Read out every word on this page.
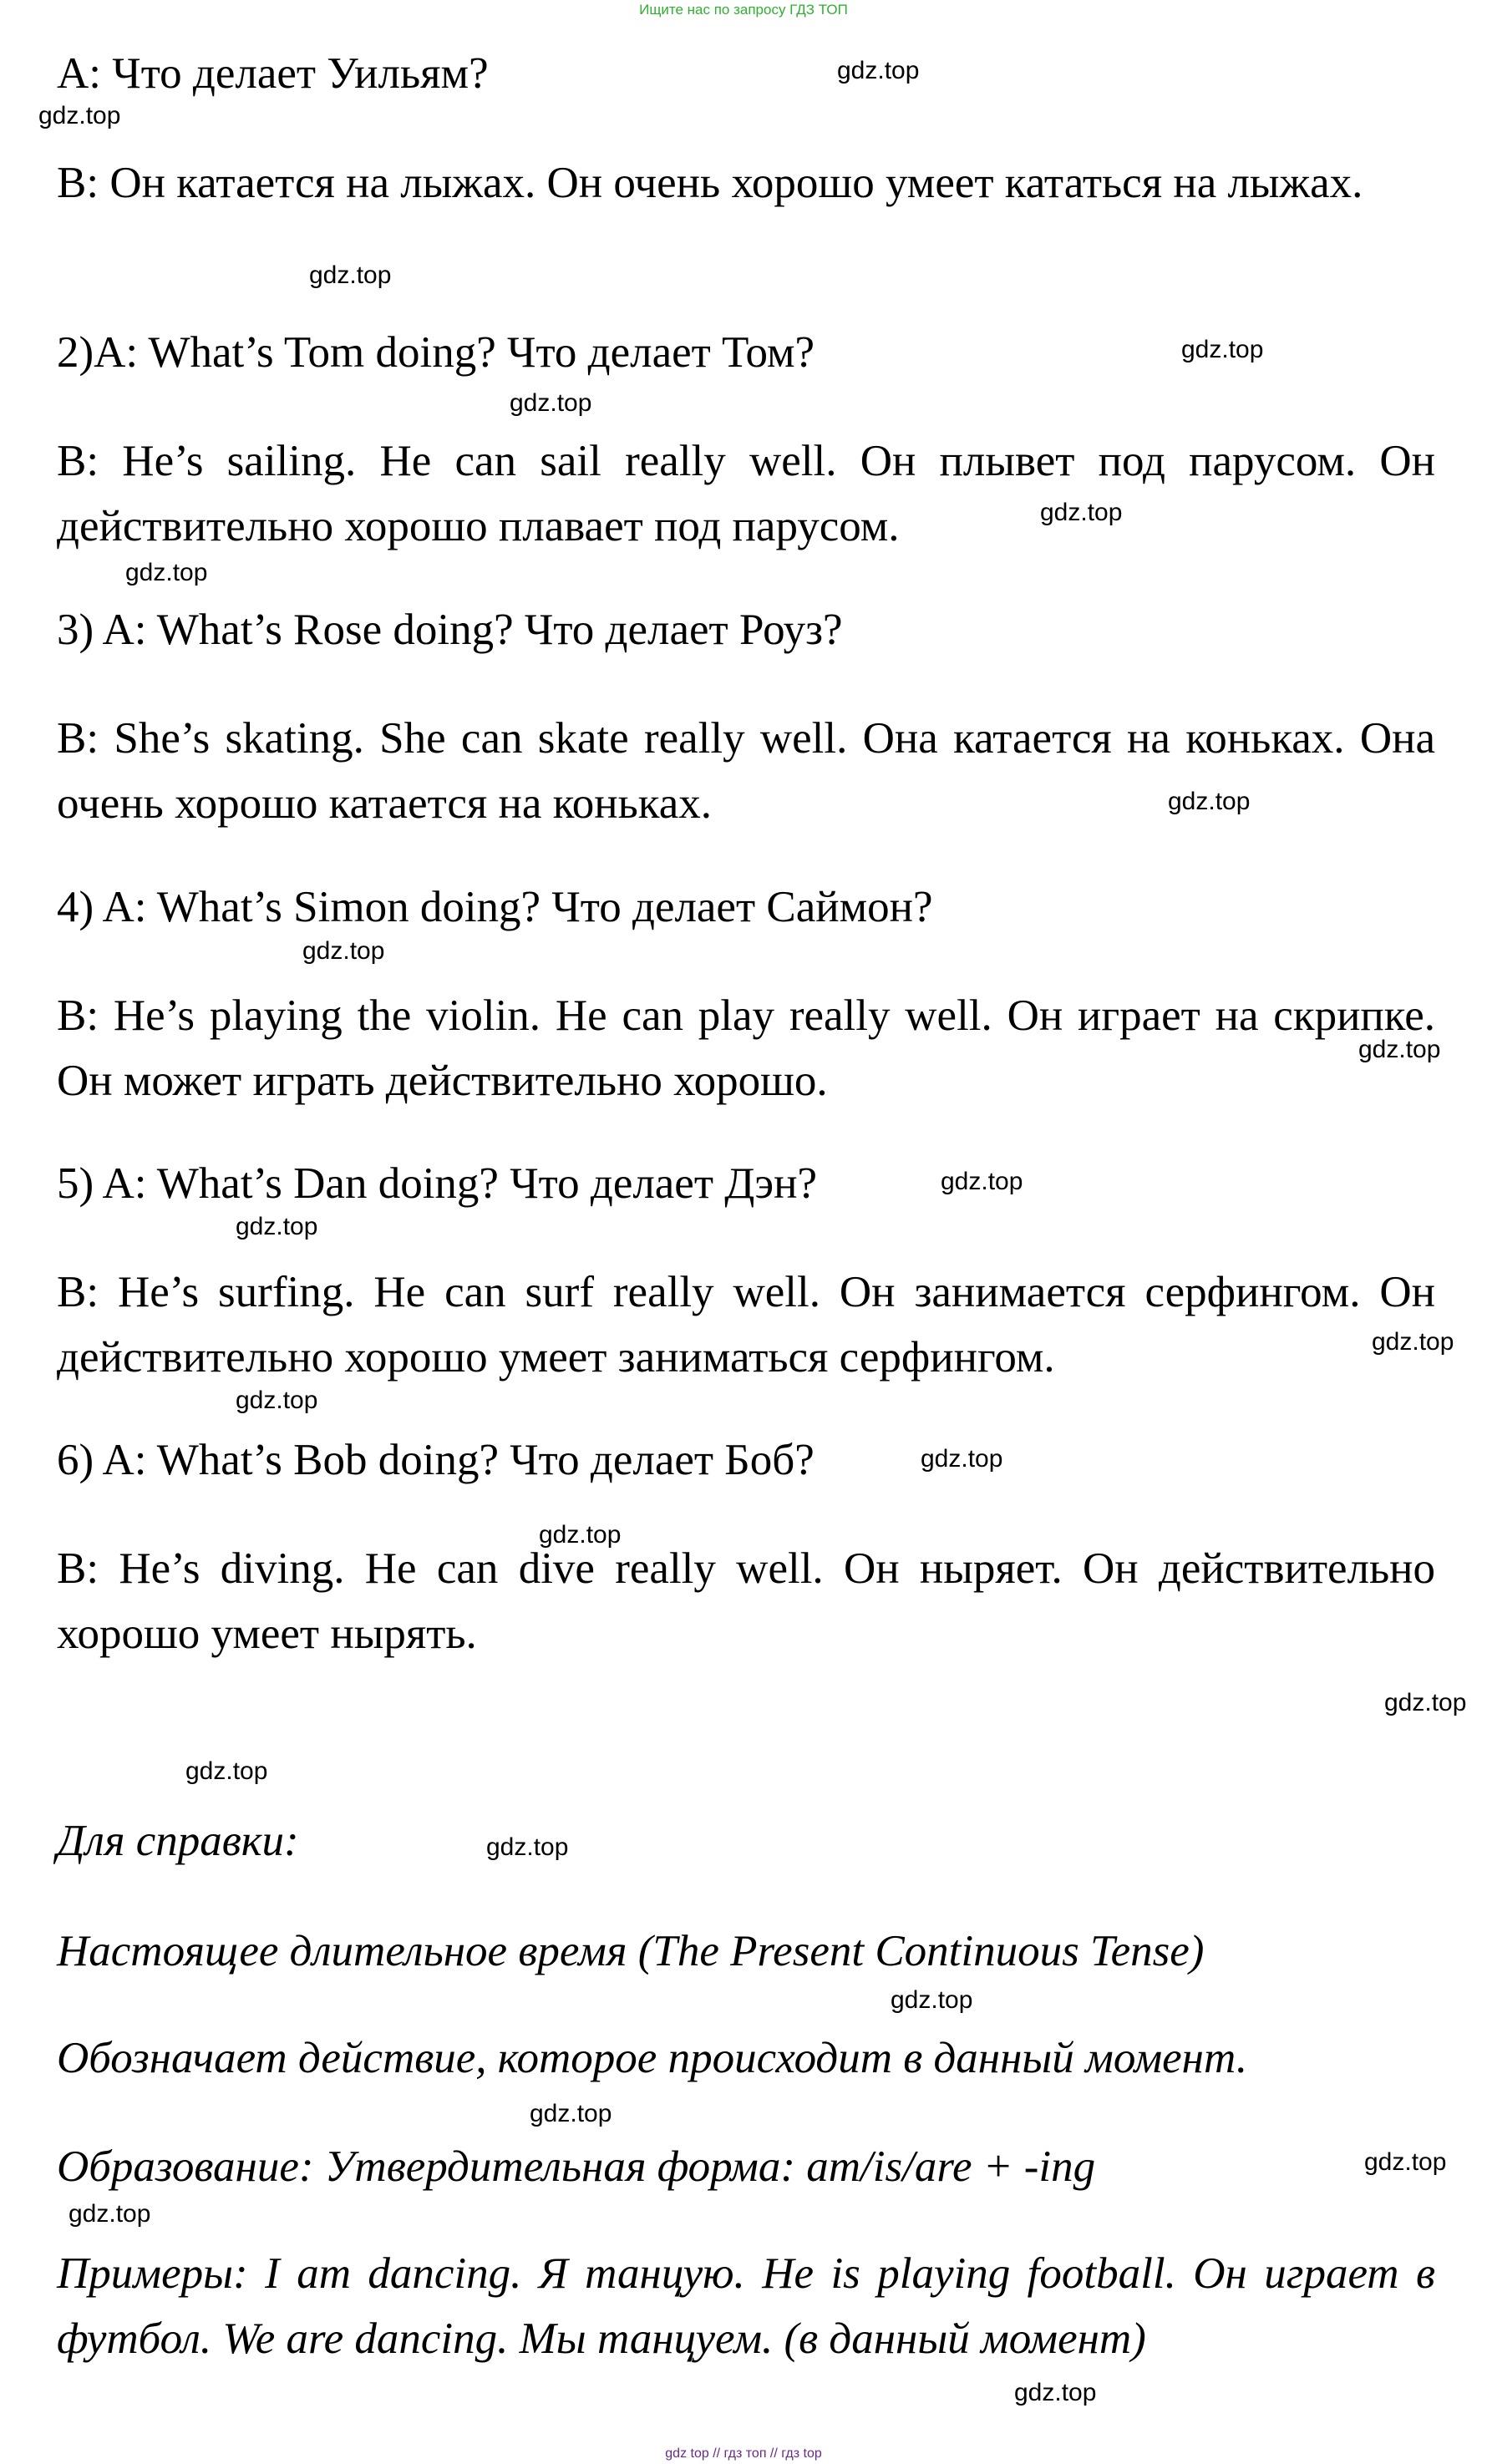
Ищите нас по запросу ГДЗ ТОП

A: Что делает Уильям?

B: Он катается на лыжах. Он очень хорошо умеет кататься на лыжах.

2)A: What’s Tom doing? Что делает Том?

B: He’s sailing. He can sail really well. Он плывет под парусом. Он действительно хорошо плавает под парусом.

3) A: What’s Rose doing? Что делает Роуз?

B: She’s skating. She can skate really well. Она катается на коньках. Она очень хорошо катается на коньках.

4) A: What’s Simon doing? Что делает Саймон?

B: He’s playing the violin. He can play really well. Он играет на скрипке. Он может играть действительно хорошо.

5) A: What’s Dan doing? Что делает Дэн?

B: He’s surfing. He can surf really well. Он занимается серфингом. Он действительно хорошо умеет заниматься серфингом.

6) A: What’s Bob doing? Что делает Боб?

B: He’s diving. He can dive really well. Он ныряет. Он действительно хорошо умеет нырять.

Для справки:

Настоящее длительное время (The Present Continuous Tense)

Обозначает действие, которое происходит в данный момент.

Образование: Утвердительная форма: am/is/are + -ing

Примеры: I am dancing. Я танцую. He is playing football. Он играет в футбол. We are dancing. Мы танцуем. (в данный момент)

gdz.top
gdz.top
gdz.top
gdz.top
gdz.top
gdz.top
gdz.top
gdz.top
gdz.top
gdz.top
gdz.top
gdz.top
gdz.top
gdz.top
gdz.top
gdz.top
gdz.top
gdz.top
gdz.top
gdz.top
gdz.top
gdz.top
gdz.top
gdz.top
gdz top // гдз топ // гдз top
